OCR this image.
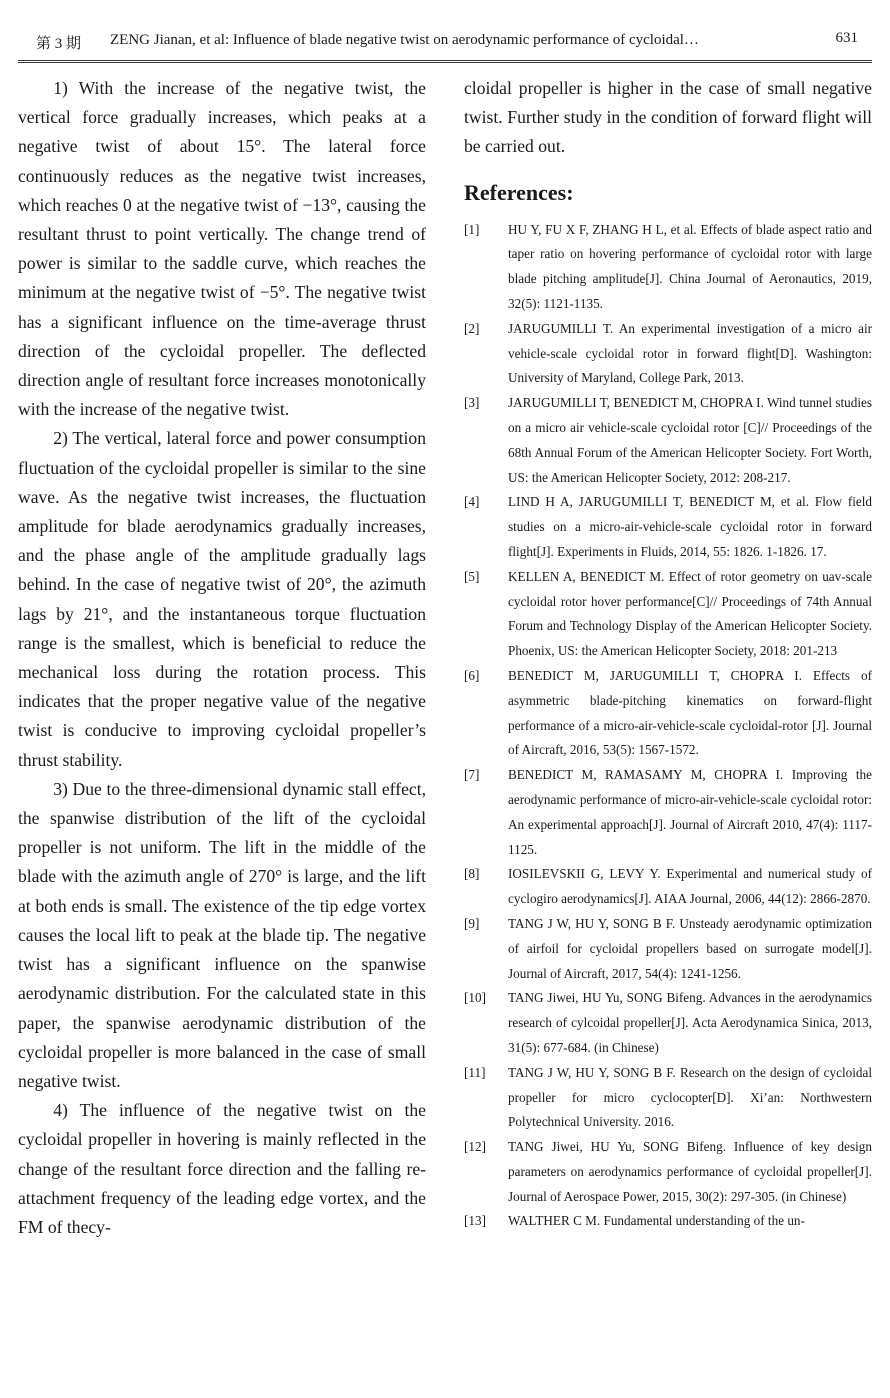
第 3 期 ZENG Jianan, et al: Influence of blade negative twist on aerodynamic performance of cycloidal…	631

1) With the increase of the negative twist, the vertical force gradually increases, which peaks at a negative twist of about 15°. The lateral force continuously reduces as the negative twist increases, which reaches 0 at the negative twist of −13°, causing the resultant thrust to point vertically. The change trend of power is similar to the saddle curve, which reaches the minimum at the negative twist of −5°. The negative twist has a significant influence on the time-average thrust direction of the cycloidal propeller. The deflected direction angle of resultant force increases monotonically with the increase of the negative twist.

2) The vertical, lateral force and power consumption fluctuation of the cycloidal propeller is similar to the sine wave. As the negative twist increases, the fluctuation amplitude for blade aerodynamics gradually increases, and the phase angle of the amplitude gradually lags behind. In the case of negative twist of 20°, the azimuth lags by 21°, and the instantaneous torque fluctuation range is the smallest, which is beneficial to reduce the mechanical loss during the rotation process. This indicates that the proper negative value of the negative twist is conducive to improving cycloidal propeller’s thrust stability.

3) Due to the three-dimensional dynamic stall effect, the spanwise distribution of the lift of the cycloidal propeller is not uniform. The lift in the middle of the blade with the azimuth angle of 270° is large, and the lift at both ends is small. The existence of the tip edge vortex causes the local lift to peak at the blade tip. The negative twist has a significant influence on the spanwise aerodynamic distribution. For the calculated state in this paper, the spanwise aerodynamic distribution of the cycloidal propeller is more balanced in the case of small negative twist.

4) The influence of the negative twist on the cycloidal propeller in hovering is mainly reflected in the change of the resultant force direction and the falling re-attachment frequency of the leading edge vortex, and the FM of thecy-

cloidal propeller is higher in the case of small negative twist. Further study in the condition of forward flight will be carried out.

References:
[1] HU Y, FU X F, ZHANG H L, et al. Effects of blade aspect ratio and taper ratio on hovering performance of cycloidal rotor with large blade pitching amplitude[J]. China Journal of Aeronautics, 2019, 32(5): 1121-1135.
[2] JARUGUMILLI T. An experimental investigation of a micro air vehicle-scale cycloidal rotor in forward flight[D]. Washington: University of Maryland, College Park, 2013.
[3] JARUGUMILLI T, BENEDICT M, CHOPRA I. Wind tunnel studies on a micro air vehicle-scale cycloidal rotor [C]// Proceedings of the 68th Annual Forum of the American Helicopter Society. Fort Worth, US: the American Helicopter Society, 2012: 208-217.
[4] LIND H A, JARUGUMILLI T, BENEDICT M, et al. Flow field studies on a micro-air-vehicle-scale cycloidal rotor in forward flight[J]. Experiments in Fluids, 2014, 55: 1826. 1-1826. 17.
[5] KELLEN A, BENEDICT M. Effect of rotor geometry on uav-scale cycloidal rotor hover performance[C]// Proceedings of 74th Annual Forum and Technology Display of the American Helicopter Society. Phoenix, US: the American Helicopter Society, 2018: 201-213
[6] BENEDICT M, JARUGUMILLI T, CHOPRA I. Effects of asymmetric blade-pitching kinematics on forward-flight performance of a micro-air-vehicle-scale cycloidal-rotor [J]. Journal of Aircraft, 2016, 53(5): 1567-1572.
[7] BENEDICT M, RAMASAMY M, CHOPRA I. Improving the aerodynamic performance of micro-air-vehicle-scale cycloidal rotor: An experimental approach[J]. Journal of Aircraft 2010, 47(4): 1117-1125.
[8] IOSILEVSKII G, LEVY Y. Experimental and numerical study of cyclogiro aerodynamics[J]. AIAA Journal, 2006, 44(12): 2866-2870.
[9] TANG J W, HU Y, SONG B F. Unsteady aerodynamic optimization of airfoil for cycloidal propellers based on surrogate model[J]. Journal of Aircraft, 2017, 54(4): 1241-1256.
[10] TANG Jiwei, HU Yu, SONG Bifeng. Advances in the aerodynamics research of cylcoidal propeller[J]. Acta Aerodynamica Sinica, 2013, 31(5): 677-684. (in Chinese)
[11] TANG J W, HU Y, SONG B F. Research on the design of cycloidal propeller for micro cyclocopter[D]. Xi’an: Northwestern Polytechnical University. 2016.
[12] TANG Jiwei, HU Yu, SONG Bifeng. Influence of key design parameters on aerodynamics performance of cycloidal propeller[J]. Journal of Aerospace Power, 2015, 30(2): 297-305. (in Chinese)
[13] WALTHER C M. Fundamental understanding of the un-
